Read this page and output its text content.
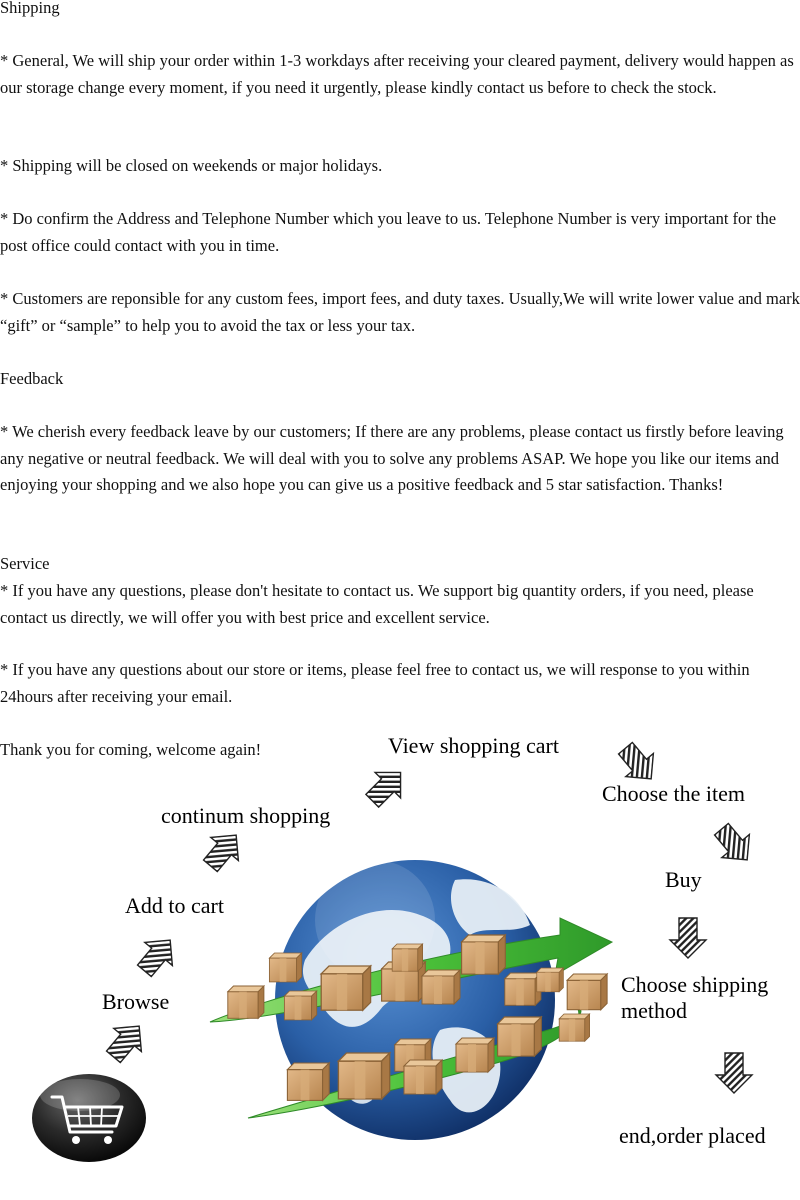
Shipping
* General, We will ship your order within 1-3 workdays after receiving your cleared payment, delivery would happen as our storage change every moment, if you need it urgently, please kindly contact us before to check the stock.
* Shipping will be closed on weekends or major holidays.
* Do confirm the Address and Telephone Number which you leave to us. Telephone Number is very important for the post office could contact with you in time.
* Customers are reponsible for any custom fees, import fees, and duty taxes. Usually,We will write lower value and mark “gift” or “sample” to help you to avoid the tax or less your tax.
Feedback
* We cherish every feedback leave by our customers; If there are any problems, please contact us firstly before leaving any negative or neutral feedback. We will deal with you to solve any problems ASAP. We hope you like our items and enjoying your shopping and we also hope you can give us a positive feedback and 5 star satisfaction. Thanks!
Service
* If you have any questions, please don't hesitate to contact us. We support big quantity orders, if you need, please contact us directly, we will offer you with best price and excellent service.
* If you have any questions about our store or items, please feel free to contact us, we will response to you within 24hours after receiving your email.
Thank you for coming, welcome again!
Browse
Add to cart
continum shopping
View shopping cart
Choose the item
Buy
Choose shipping
method
end,order placed
